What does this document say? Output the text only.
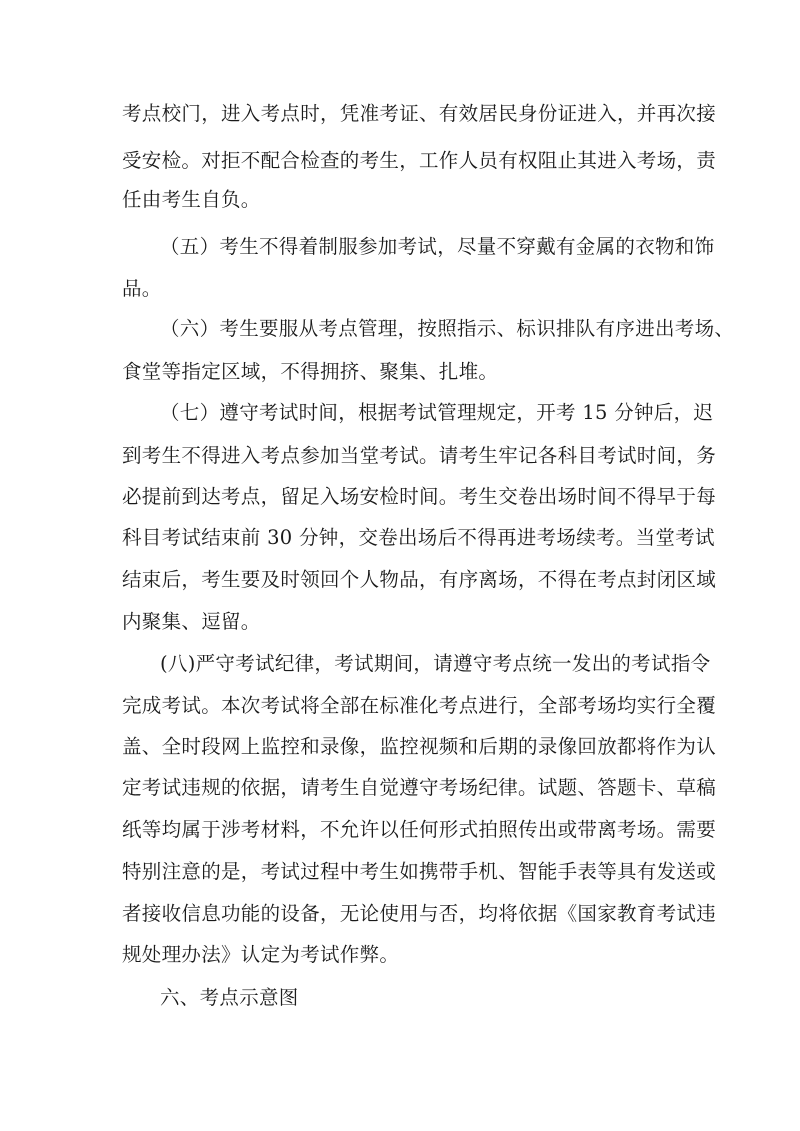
考点校门，进入考点时，凭准考证、有效居民身份证进入，并再次接
受安检。对拒不配合检查的考生，工作人员有权阻止其进入考场，责
任由考生自负。
（五）考生不得着制服参加考试，尽量不穿戴有金属的衣物和饰
品。
（六）考生要服从考点管理，按照指示、标识排队有序进出考场、
食堂等指定区域，不得拥挤、聚集、扎堆。
（七）遵守考试时间，根据考试管理规定，开考 15 分钟后，迟
到考生不得进入考点参加当堂考试。请考生牢记各科目考试时间，务
必提前到达考点，留足入场安检时间。考生交卷出场时间不得早于每
科目考试结束前 30 分钟，交卷出场后不得再进考场续考。当堂考试
结束后，考生要及时领回个人物品，有序离场，不得在考点封闭区域
内聚集、逗留。
(八)严守考试纪律，考试期间，请遵守考点统一发出的考试指令
完成考试。本次考试将全部在标准化考点进行，全部考场均实行全覆
盖、全时段网上监控和录像，监控视频和后期的录像回放都将作为认
定考试违规的依据，请考生自觉遵守考场纪律。试题、答题卡、草稿
纸等均属于涉考材料，不允许以任何形式拍照传出或带离考场。需要
特别注意的是，考试过程中考生如携带手机、智能手表等具有发送或
者接收信息功能的设备，无论使用与否，均将依据《国家教育考试违
规处理办法》认定为考试作弊。
六、考点示意图
